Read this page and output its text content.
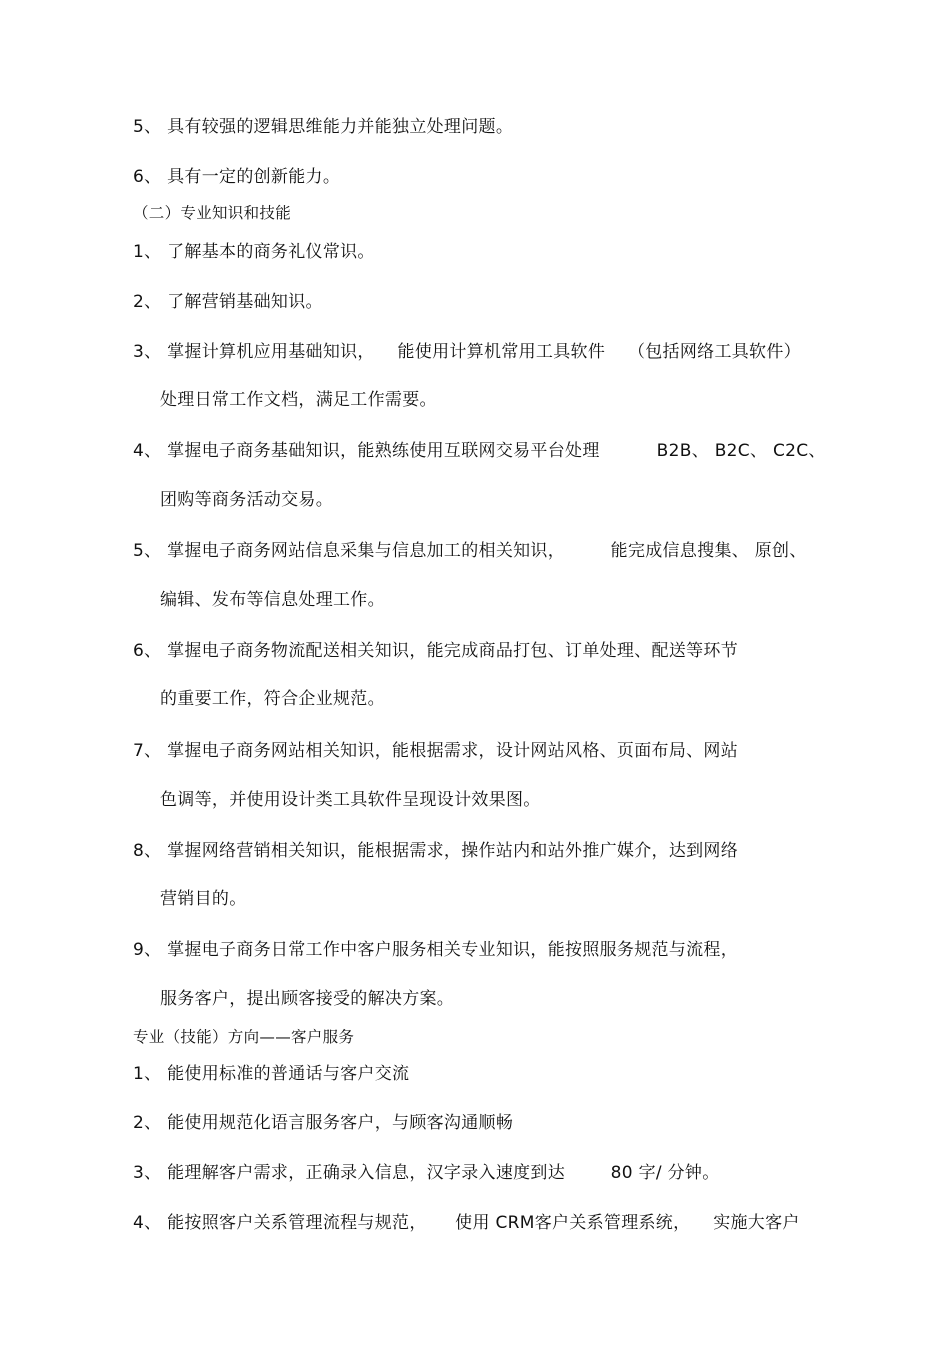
5、 具有较强的逻辑思维能力并能独立处理问题。
6、 具有一定的创新能力。
（二）专业知识和技能
1、 了解基本的商务礼仪常识。
2、 了解营销基础知识。
3、 掌握计算机应用基础知识，    能使用计算机常用工具软件    （包括网络工具软件）
处理日常工作文档，满足工作需要。
4、 掌握电子商务基础知识，能熟练使用互联网交易平台处理          B2B、 B2C、 C2C、
团购等商务活动交易。
5、 掌握电子商务网站信息采集与信息加工的相关知识，        能完成信息搜集、 原创、
编辑、发布等信息处理工作。
6、 掌握电子商务物流配送相关知识，能完成商品打包、订单处理、配送等环节
的重要工作，符合企业规范。
7、 掌握电子商务网站相关知识，能根据需求，设计网站风格、页面布局、网站
色调等，并使用设计类工具软件呈现设计效果图。
8、 掌握网络营销相关知识，能根据需求，操作站内和站外推广媒介，达到网络
营销目的。
9、 掌握电子商务日常工作中客户服务相关专业知识，能按照服务规范与流程，
服务客户，提出顾客接受的解决方案。
专业（技能）方向——客户服务
1、 能使用标准的普通话与客户交流
2、 能使用规范化语言服务客户，与顾客沟通顺畅
3、 能理解客户需求，正确录入信息，汉字录入速度到达        80 字/ 分钟。
4、 能按照客户关系管理流程与规范，     使用 CRM客户关系管理系统，    实施大客户
